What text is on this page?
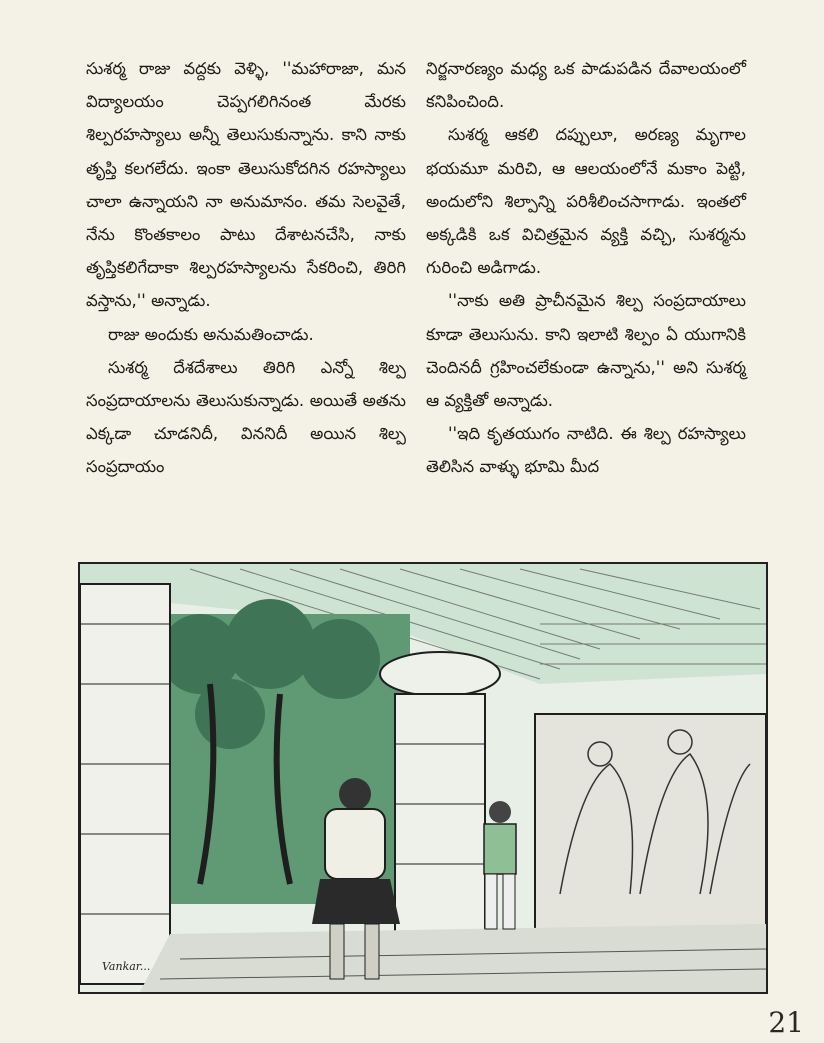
సుశర్మ రాజు వద్దకు వెళ్ళి, ''మహారాజా, మన విద్యాలయం చెప్పగలిగినంత మేరకు శిల్పరహస్యాలు అన్నీ తెలుసుకున్నాను. కాని నాకు తృప్తి కలగలేదు. ఇంకా తెలుసుకోదగిన రహస్యాలు చాలా ఉన్నాయని నా అనుమానం. తమ సెలవైతే, నేను కొంతకాలం పాటు దేశాటనచేసి, నాకు తృప్తికలిగేదాకా శిల్పరహస్యాలను సేకరించి, తిరిగి వస్తాను,'' అన్నాడు.

రాజు అందుకు అనుమతించాడు.

సుశర్మ దేశదేశాలు తిరిగి ఎన్నో శిల్ప సంప్రదాయాలను తెలుసుకున్నాడు. అయితే అతను ఎక్కడా చూడనిదీ, విననిదీ అయిన శిల్ప సంప్రదాయం

నిర్జనారణ్యం మధ్య ఒక పాడుపడిన దేవాలయంలో కనిపించింది.

సుశర్మ ఆకలి దప్పులూ, అరణ్య మృగాల భయమూ మరిచి, ఆ ఆలయంలోనే మకాం పెట్టి, అందులోని శిల్పాన్ని పరిశీలించసాగాడు. ఇంతలో అక్కడికి ఒక విచిత్రమైన వ్యక్తి వచ్చి, సుశర్మను గురించి అడిగాడు.

''నాకు అతి ప్రాచీనమైన శిల్ప సంప్రదాయాలు కూడా తెలుసును. కాని ఇలాటి శిల్పం ఏ యుగానికి చెందినదీ గ్రహించలేకుండా ఉన్నాను,'' అని సుశర్మ ఆ వ్యక్తితో అన్నాడు.

''ఇది కృతయుగం నాటిది. ఈ శిల్ప రహస్యాలు తెలిసిన వాళ్ళు భూమి మీద

Vankar...
21
